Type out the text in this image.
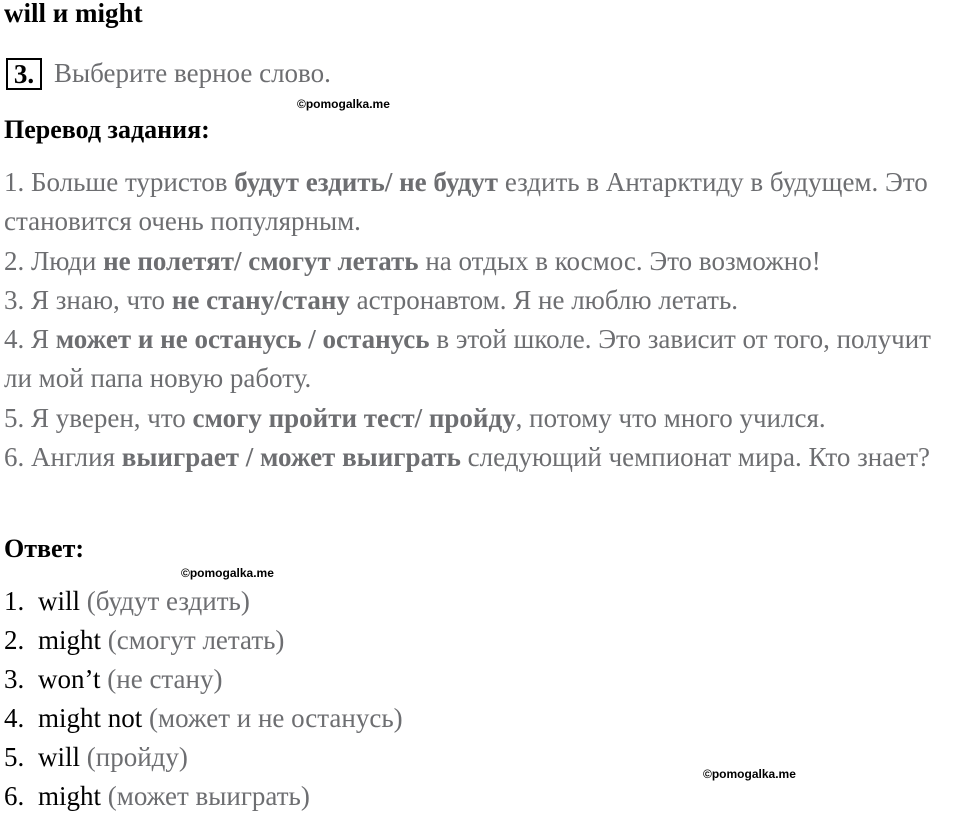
will и might
3. Выберите верное слово.
©pomogalka.me
Перевод задания:

1. Больше туристов будут ездить/ не будут ездить в Антарктиду в будущем. Это становится очень популярным.

2. Люди не полетят/ смогут летать на отдых в космос. Это возможно!

3. Я знаю, что не стану/стану астронавтом. Я не люблю летать.

4. Я может и не останусь / останусь в этой школе. Это зависит от того, получит ли мой папа новую работу.

5. Я уверен, что смогу пройти тест/ пройду, потому что много учился.

6. Англия выиграет / может выиграть следующий чемпионат мира. Кто знает?

Ответ:
©pomogalka.me
1. will (будут ездить)
2. might (смогут летать)
3. won’t (не стану)
4. might not (может и не останусь)
5. will (пройду)
6. might (может выиграть)
©pomogalka.me
